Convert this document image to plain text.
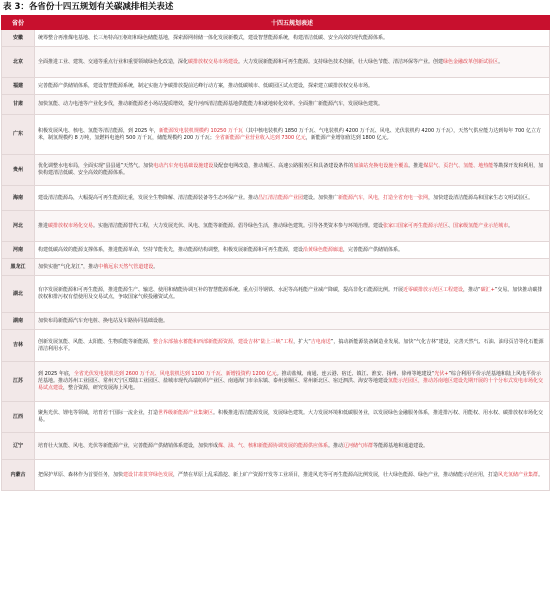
表 3：各省份十四五规划有关碳减排相关表述
省份	十四五规划表述
安徽	统筹整合再淮煤电基地、长三角特高压枢纽和绿色储能基地，探索源网荷储一体化发展新模式，建设智慧能源系统，构建清洁低碳、安全高效的现代能源体系。
北京	全面推进工业、建筑、交通等重点行业和重要领域绿色化改造，深化碳排放权交易市场建设。大力发展新能源和可再生能源。支持绿色技术创新，壮大绿色节能、清洁环保等产业。创建绿色金融改革创新试验区。
福建	完善能源产供储销体系，建设智慧能源系统，制定实施力争碳排放提前达峰行动方案，推动低碳城市、低碳园区试点建设，探索建立碳排放权交易市场。
甘肃	加快氢能、动力电池等产业化步伐，推动新能源老小场站提质增效，提升河西清洁能源基地供能能力和就地转化效率。全面推广新能源汽车，发展绿色建筑。
广东	积极发展风电、核电、氢能等清洁能源，到 2025 年，新能源发电装机规模约 10250 万千瓦（其中核电装机约 1850 万千瓦、气电装机约 4200 万千瓦、风电、光伏装机约 4200 万千瓦），天然气供应能力达到每年 700 亿立方米，制氢规模约 8 万吨，氢燃料电池约 500 万千瓦，储能规模约 200 万千瓦；全省新能源产业营业收入达到 7300 亿元，新能源产业增加值达到 1800 亿元。
贵州	优化调整水电布局，全面实现“县县通”天然气。加快电动汽车充电基础设施建设及配套电网改造，推动城区、高速公路服务区和具备建设条件的加油站充换电设施全覆盖。推进煤层气、页岩气、氢能、地热能等勘探开发和利用，加快构建清洁低碳、安全高效的能源体系。
海南	建设清洁能源岛，大幅提高可再生能源比重，发展全生物降解、清洁能源装备等生态环保产业。推动昌江清洁能源产业园建设。加快推广新能源汽车，风电，打造全省充电一张网，加快建设清洁能源岛和国家生态文明试验区。
河北	推进碳排放权市场化交易。实施清洁能源替代工程，大力发展光伏、风电、氢能等新能源。倡导绿色生活，推动绿色建筑。引导各类资本参与环境治理。建设张家口国家可再生能源示范区、国家级氢能产业示范城市。
河南	构建低碳高效的能源支撑体系，推进能源革命，坚持节能优先，推动能源结构调整，积极发展新能源和可再生能源，建设沿黄绿色能源廊道，完善能源产供储销体系。
黑龙江	加快实施“气化龙江”，推动中俄远东天然气管道建设。
湖北	有序发展新能源和可再生能源，推进能源生产、输送、使用和储能协调互补的智慧能源系统。重点引导钢铁、水泥等高耗能产业减产降碳，提高非化石能源比例。开展近零碳排放示范区工程建设，推动“碳汇+”交易。加快推动碳排放权和排污权有偿使用及交易试点，争取国家气候投融资试点。
湖南	加快布局新能源汽车充电桩、换电站及车路协同基础设施。
吉林	创新发展氢能、风能、太阳能、生物质能等新能源，整合东部抽水蓄能和西部新能源资源，建设吉林“陆上三峡”工程，扩大“吉电南送”，搞动新能源装备制造业发展。加快“气化吉林”建设，完善天然气、石油、油母页岩等化石能源清洁利用水平。
江苏	到 2025 年底，全省光伏发电装机达到 2600 万千瓦、风电装机达到 1100 万千瓦、新增投资约 1200 亿元。推动盐城、南通、连云港、宿迁、镇江、淮安、扬州、徐州等地建设“光伏+”综合利用平价示范基地和陆上风电平价示范基地。推动苏州工业园区、常州天宁区郑陆工业园区、盐城市现代高端纺织产业区、南通海门市余东镇、泰州姜堰区、常州新北区、宿迁泗洪、海安等地建设氢能示范园区，推动苏南地区建设先期开展的十个分布式发电市场化交易试点建设，整合资源，研究发展海上风电。
江西	聚焦光伏、锂电等领域，培育若干国际一流企业，打造世界级新能源产业集聚区。积极推进清洁能源发展，发展绿色建筑。大力发展环境和低碳服务业，以发展绿色金融服务体系，推进排污权、用能权、用水权、碳排放权市场化交易。
辽宁	培育壮大氢能、风电、光伏等新能源产业，完善能源产供储销体系建设，加快形成煤、油、气、核和新能源协调发展的能源供应体系。推动辽河储气库群等能源基地和通道建设。
内蒙古	把保护草原、森林作为首要任务，加快建设甘肃贯穿绿色发展，严禁在草原上乱采滥挖、新上矿产资源开发等工业项目，推进风光等可再生能源高比例发展，壮大绿色能源、绿色产业，推动储能示范应用，打造风光氢储产业集群。
